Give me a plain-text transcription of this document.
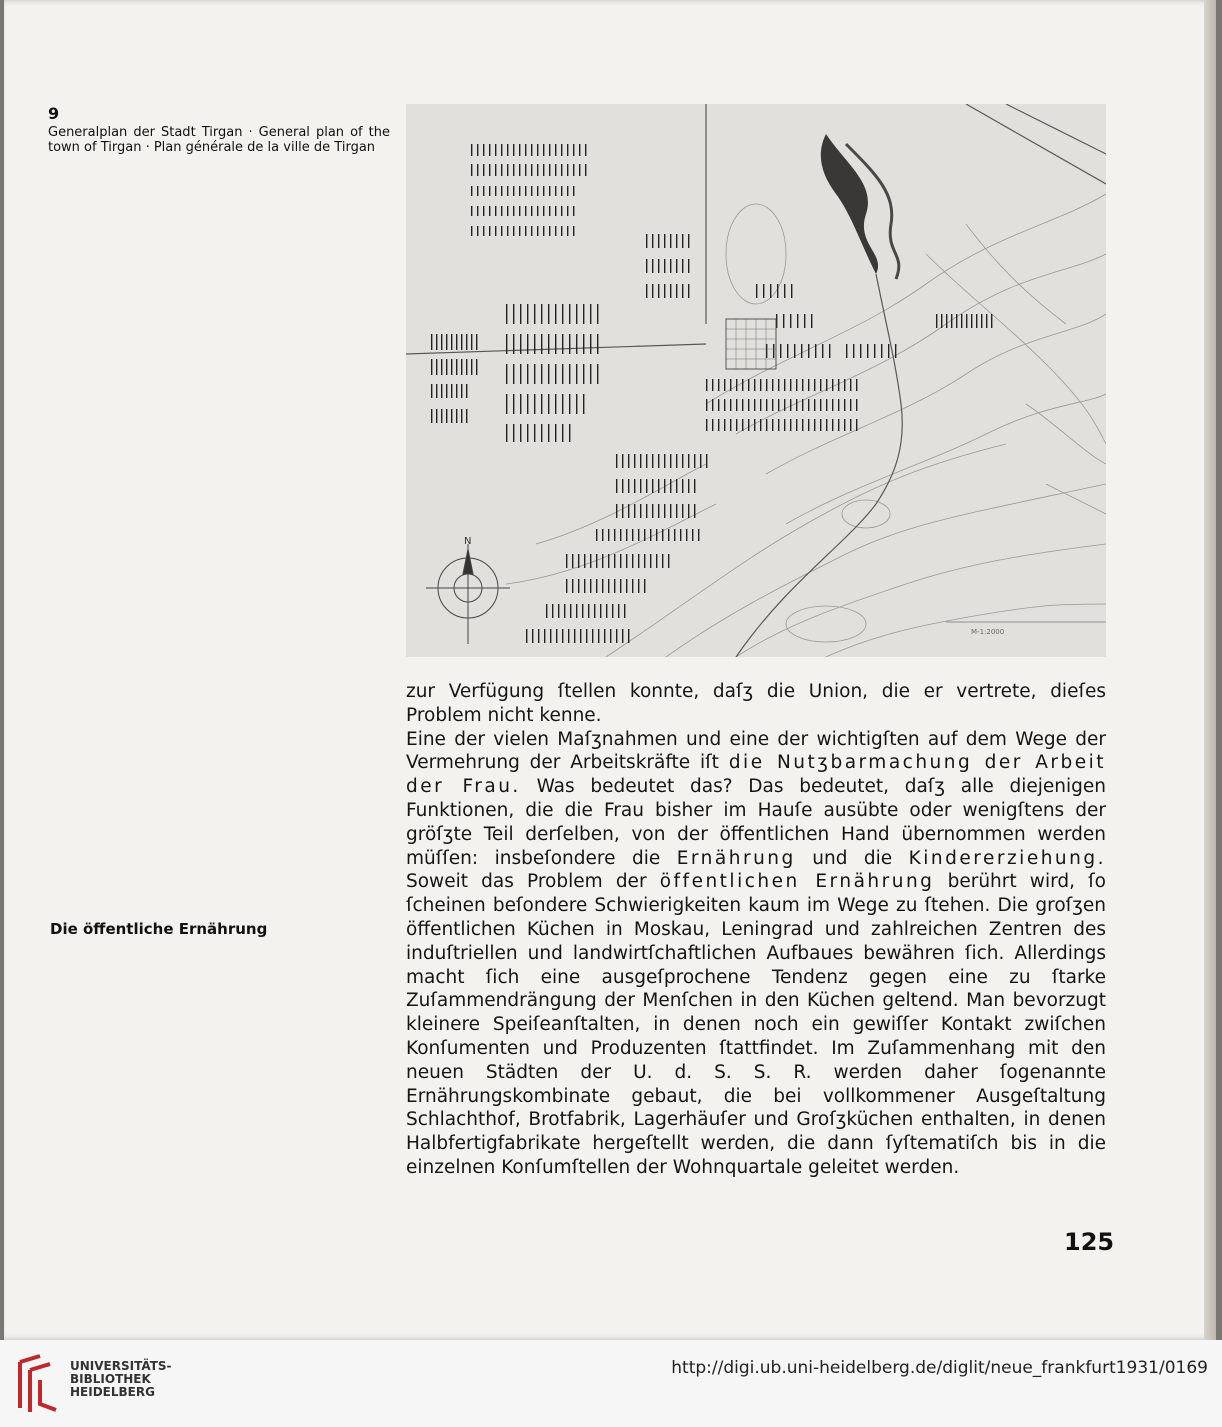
9
Generalplan der Stadt Tirgan · General plan of the town of Tirgan · Plan générale de la ville de Tirgan
N
M-1:2000
Die öffentliche Ernährung

zur Verfügung ſtellen konnte, daſʒ die Union, die er vertrete, dieſes Problem nicht kenne.

Eine der vielen Maſʒnahmen und eine der wichtigſten auf dem Wege der Vermehrung der Arbeitskräfte iſt die Nutʒbarmachung der Arbeit der Frau. Was bedeutet das? Das bedeutet, daſʒ alle diejenigen Funktionen, die die Frau bisher im Hauſe ausübte oder wenigſtens der gröſʒte Teil derſelben, von der öffentlichen Hand übernommen werden müſſen: insbeſondere die Ernährung und die Kindererziehung. Soweit das Problem der öffentlichen Ernährung berührt wird, ſo ſcheinen beſondere Schwierigkeiten kaum im Wege zu ſtehen. Die groſʒen öffentlichen Küchen in Moskau, Leningrad und zahlreichen Zentren des induſtriellen und landwirtſchaftlichen Aufbaues bewähren ſich. Allerdings macht ſich eine ausgeſprochene Tendenz gegen eine zu ſtarke Zuſammendrängung der Menſchen in den Küchen geltend. Man bevorzugt kleinere Speiſeanſtalten, in denen noch ein gewiſſer Kontakt zwiſchen Konſumenten und Produzenten ſtattfindet. Im Zuſammenhang mit den neuen Städten der U. d. S. S. R. werden daher ſogenannte Ernährungskombinate gebaut, die bei vollkommener Ausgeſtaltung Schlachthof, Brotfabrik, Lagerhäuſer und Groſʒküchen enthalten, in denen Halbfertigfabrikate hergeſtellt werden, die dann ſyſtematiſch bis in die einzelnen Konſumſtellen der Wohnquartale geleitet werden.

125
UNIVERSITÄTS-
BIBLIOTHEK
HEIDELBERG
http://digi.ub.uni-heidelberg.de/diglit/neue_frankfurt1931/0169
